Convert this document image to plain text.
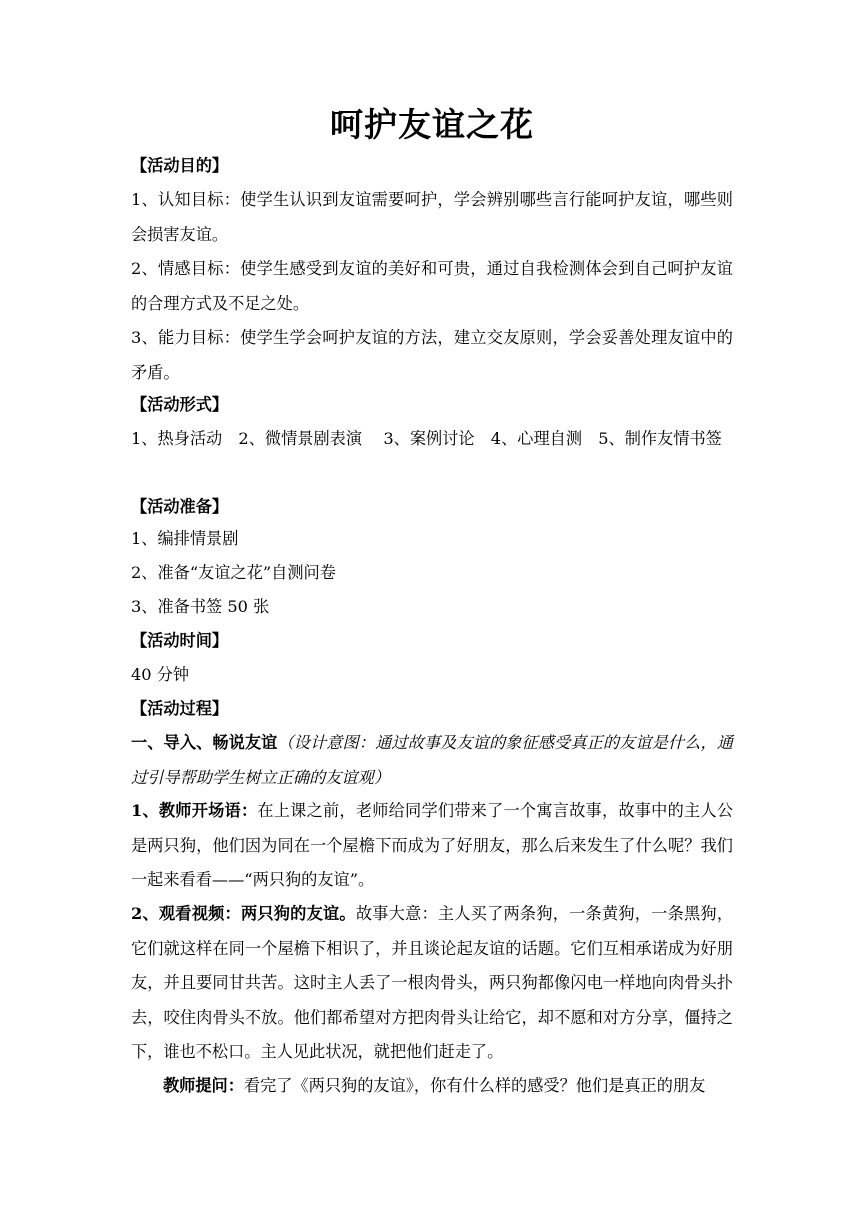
呵护友谊之花
【活动目的】
1、认知目标：使学生认识到友谊需要呵护，学会辨别哪些言行能呵护友谊，哪些则会损害友谊。
2、情感目标：使学生感受到友谊的美好和可贵，通过自我检测体会到自己呵护友谊的合理方式及不足之处。
3、能力目标：使学生学会呵护友谊的方法，建立交友原则，学会妥善处理友谊中的矛盾。
【活动形式】
1、热身活动　2、微情景剧表演　 3、案例讨论　4、心理自测　5、制作友情书签
【活动准备】
1、编排情景剧
2、准备“友谊之花”自测问卷
3、准备书签 50 张
【活动时间】
40 分钟
【活动过程】
一、导入、畅说友谊（设计意图：通过故事及友谊的象征感受真正的友谊是什么，通过引导帮助学生树立正确的友谊观）
1、教师开场语：在上课之前，老师给同学们带来了一个寓言故事，故事中的主人公是两只狗，他们因为同在一个屋檐下而成为了好朋友，那么后来发生了什么呢？我们一起来看看——“两只狗的友谊”。
2、观看视频：两只狗的友谊。故事大意：主人买了两条狗，一条黄狗，一条黑狗，它们就这样在同一个屋檐下相识了，并且谈论起友谊的话题。它们互相承诺成为好朋友，并且要同甘共苦。这时主人丢了一根肉骨头，两只狗都像闪电一样地向肉骨头扑去，咬住肉骨头不放。他们都希望对方把肉骨头让给它，却不愿和对方分享，僵持之下，谁也不松口。主人见此状况，就把他们赶走了。
教师提问：看完了《两只狗的友谊》，你有什么样的感受？他们是真正的朋友
